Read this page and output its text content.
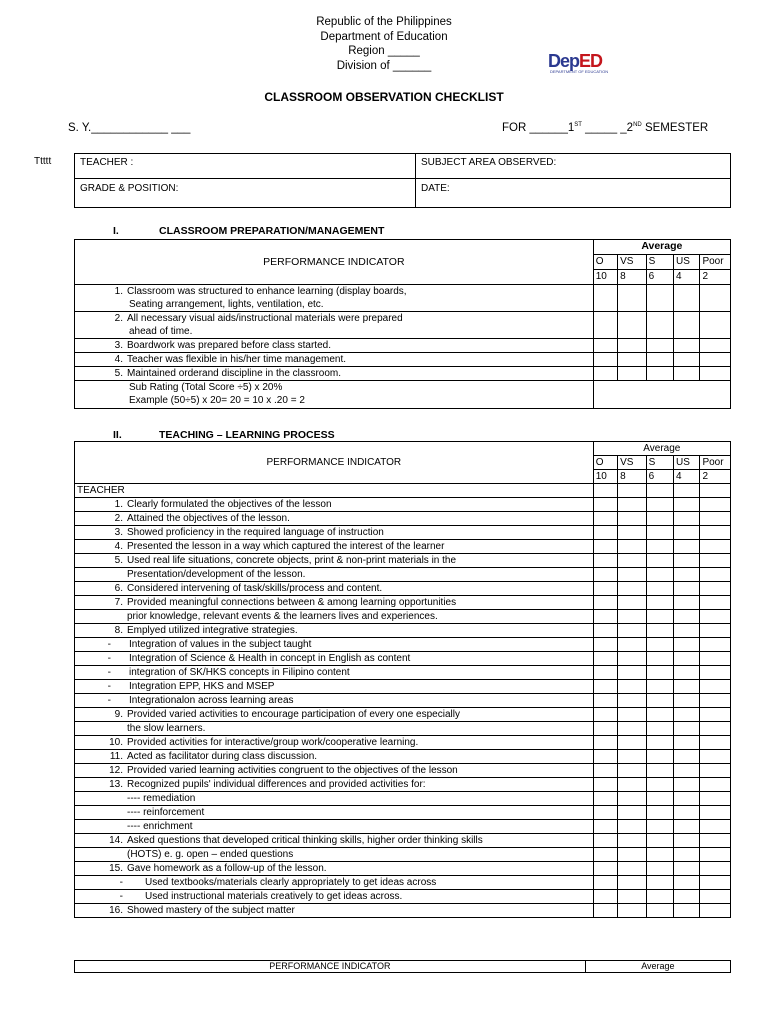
Republic of the Philippines
Department of Education
Region _____
Division of ______	DepED
DEPARTMENT OF EDUCATION
CLASSROOM OBSERVATION CHECKLIST
S. Y.____________ ___	FOR ______1ST _____ _2ND SEMESTER
Ttttt	TEACHER :	SUBJECT AREA OBSERVED:
GRADE & POSITION:	DATE:
I.	CLASSROOM PREPARATION/MANAGEMENT
PERFORMANCE INDICATOR	Average				
	O	VS	S	US	Poor
	10	8	6	4	2

1. Classroom was structured to enhance learning (display boards,
Seating arrangement, lights, ventilation, etc.					

2. All necessary visual aids/instructional materials were prepared
ahead of time.					

3. Boardwork was prepared before class started.					

4. Teacher was flexible in his/her time management.					

5. Maintained orderand discipline in the classroom.					

Sub Rating (Total Score ÷5) x 20%
Example (50÷5) x 20= 20 = 10 x .20 = 2					

II.	TEACHING – LEARNING PROCESS
PERFORMANCE INDICATOR	Average				
	O	VS	S	US	Poor
	10	8	6	4	2
TEACHER					
1. Clearly formulated the objectives of the lesson					
2. Attained the objectives of the lesson.					
3. Showed proficiency in the required language of instruction					
4. Presented the lesson in a way which captured the interest of the learner					
5. Used real life situations, concrete objects, print & non-print materials in the					
Presentation/development of the lesson.					
6. Considered intervening of task/skills/process and content.					
7. Provided meaningful connections between & among learning opportunities					
prior knowledge, relevant events & the learners lives and experiences.					
8. Emplyed utilized integrative strategies.					
- Integration of values in the subject taught					
- Integration of Science & Health in concept in English as content					
-integration of SK/HKS concepts in Filipino content					
- Integration EPP, HKS and MSEP					
- Integrationalon across learning areas					
9. Provided varied activities to encourage participation of every one especially					
the slow learners.					
10. Provided activities for interactive/group work/cooperative learning.					
11. Acted as facilitator during class discussion.					
12. Provided varied learning activities congruent to the objectives of the lesson					
13. Recognized pupils' individual differences and provided activities for:					
---- remediation					
---- reinforcement					
---- enrichment					
14. Asked questions that developed critical thinking skills, higher order thinking skills					
(HOTS) e. g. open – ended questions					
15. Gave homework as a follow-up of the lesson.					
- Used textbooks/materials clearly appropriately to get ideas across					
- Used instructional materials creatively to get ideas across.					
16. Showed mastery of the subject matter					
PERFORMANCE INDICATOR	Average
